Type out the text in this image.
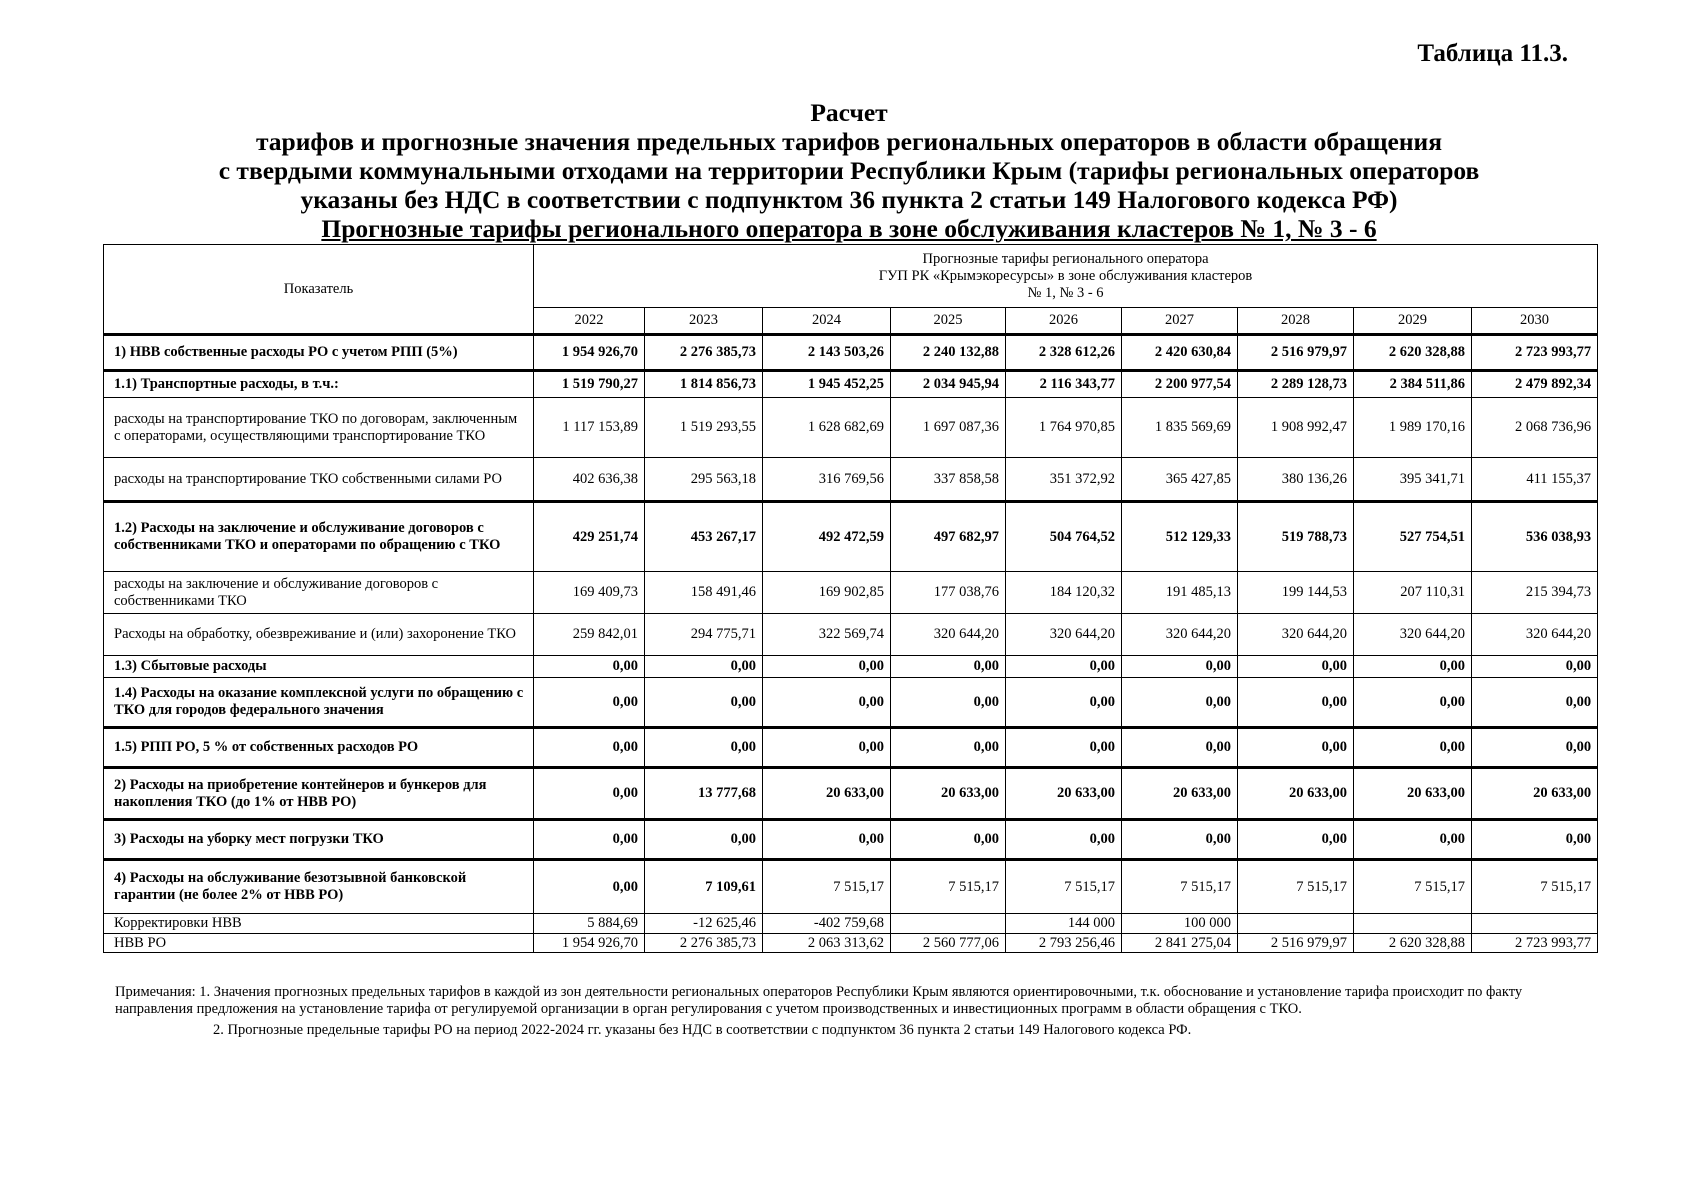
Таблица 11.3.
Расчет
тарифов и прогнозные значения предельных тарифов региональных операторов в области обращения
с твердыми коммунальными отходами на территории Республики Крым (тарифы региональных операторов
указаны без НДС в соответствии с подпунктом 36 пункта 2 статьи 149 Налогового кодекса РФ)
Прогнозные тарифы регионального оператора в зоне обслуживания кластеров № 1, № 3 - 6
Показатель	Прогнозные тарифы регионального оператора
ГУП РК «Крымэкоресурсы» в зоне обслуживания кластеров
№ 1, № 3 - 6								

	2022	2023	2024	2025	2026	2027	2028	2029	2030
1) НВВ собственные расходы РО с учетом РПП (5%)	1 954 926,70	2 276 385,73	2 143 503,26	2 240 132,88	2 328 612,26	2 420 630,84	2 516 979,97	2 620 328,88	2 723 993,77
1.1) Транспортные расходы, в т.ч.:	1 519 790,27	1 814 856,73	1 945 452,25	2 034 945,94	2 116 343,77	2 200 977,54	2 289 128,73	2 384 511,86	2 479 892,34
расходы на транспортирование ТКО по договорам, заключенным с операторами, осуществляющими транспортирование ТКО	1 117 153,89	1 519 293,55	1 628 682,69	1 697 087,36	1 764 970,85	1 835 569,69	1 908 992,47	1 989 170,16	2 068 736,96
расходы на транспортирование ТКО собственными силами РО	402 636,38	295 563,18	316 769,56	337 858,58	351 372,92	365 427,85	380 136,26	395 341,71	411 155,37
1.2) Расходы на заключение и обслуживание договоров с собственниками ТКО и операторами по обращению с ТКО	429 251,74	453 267,17	492 472,59	497 682,97	504 764,52	512 129,33	519 788,73	527 754,51	536 038,93
расходы на заключение и обслуживание договоров с собственниками ТКО	169 409,73	158 491,46	169 902,85	177 038,76	184 120,32	191 485,13	199 144,53	207 110,31	215 394,73
Расходы на обработку, обезвреживание и (или) захоронение ТКО	259 842,01	294 775,71	322 569,74	320 644,20	320 644,20	320 644,20	320 644,20	320 644,20	320 644,20
1.3) Сбытовые расходы	0,00	0,00	0,00	0,00	0,00	0,00	0,00	0,00	0,00
1.4) Расходы на оказание комплексной услуги по обращению с ТКО для городов федерального значения	0,00	0,00	0,00	0,00	0,00	0,00	0,00	0,00	0,00
1.5) РПП РО, 5 % от собственных расходов РО	0,00	0,00	0,00	0,00	0,00	0,00	0,00	0,00	0,00
2) Расходы на приобретение контейнеров и бункеров для накопления ТКО (до 1% от НВВ РО)	0,00	13 777,68	20 633,00	20 633,00	20 633,00	20 633,00	20 633,00	20 633,00	20 633,00
3) Расходы на уборку мест погрузки ТКО	0,00	0,00	0,00	0,00	0,00	0,00	0,00	0,00	0,00
4) Расходы на обслуживание безотзывной банковской гарантии (не более 2% от НВВ РО)	0,00	7 109,61	7 515,17	7 515,17	7 515,17	7 515,17	7 515,17	7 515,17	7 515,17
Корректировки НВВ	5 884,69	-12 625,46	-402 759,68		144 000	100 000			
НВВ РО	1 954 926,70	2 276 385,73	2 063 313,62	2 560 777,06	2 793 256,46	2 841 275,04	2 516 979,97	2 620 328,88	2 723 993,77

Примечания: 1. Значения прогнозных предельных тарифов в каждой из зон деятельности региональных операторов Республики Крым являются ориентировочными, т.к. обоснование и установление тарифа происходит по факту направления предложения на установление тарифа от регулируемой организации в орган регулирования с учетом производственных и инвестиционных программ в области обращения с ТКО.

2. Прогнозные предельные тарифы РО на период 2022-2024 гг. указаны без НДС в соответствии с подпунктом 36 пункта 2 статьи 149 Налогового кодекса РФ.
